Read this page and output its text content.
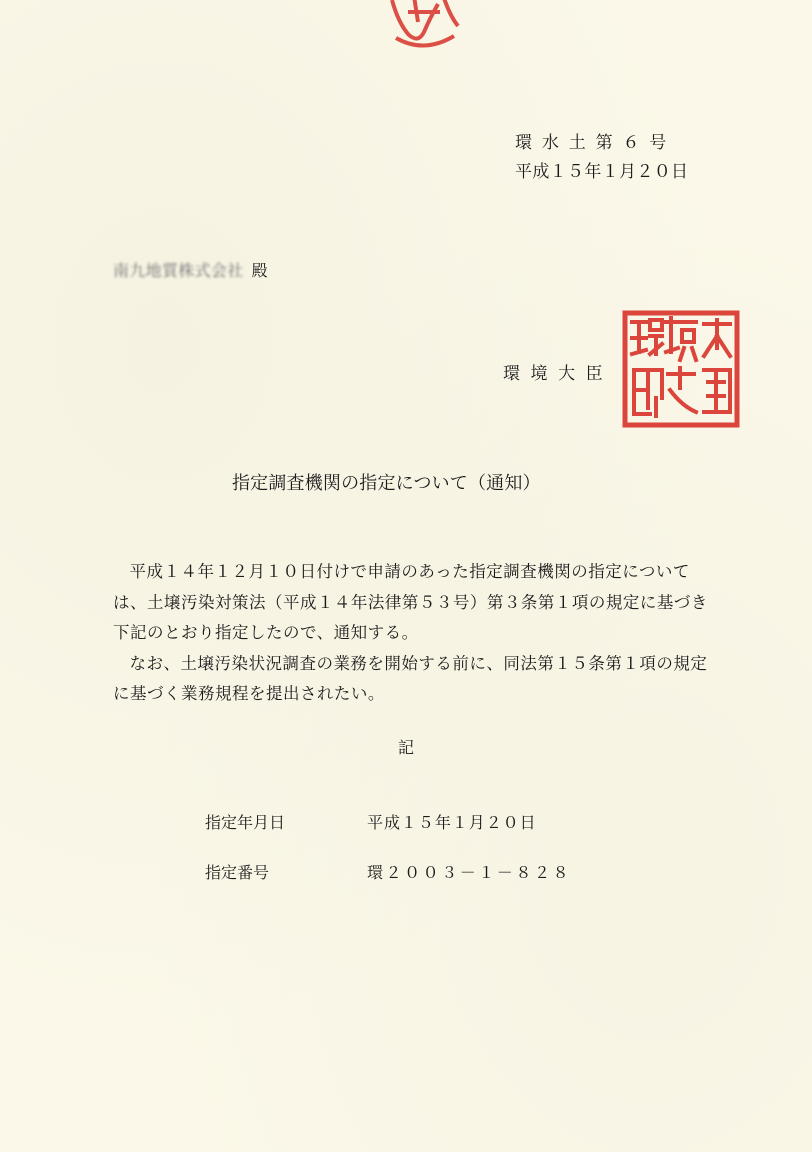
環水土第６号
平成１５年１月２０日
南九地質株式会社 殿
環境大臣
指定調査機関の指定について（通知）

平成１４年１２月１０日付けで申請のあった指定調査機関の指定については、土壌汚染対策法（平成１４年法律第５３号）第３条第１項の規定に基づき下記のとおり指定したので、通知する。

なお、土壌汚染状況調査の業務を開始する前に、同法第１５条第１項の規定に基づく業務規程を提出されたい。

記
指定年月日	平成１５年１月２０日
指定番号	環２００３－１－８２８
